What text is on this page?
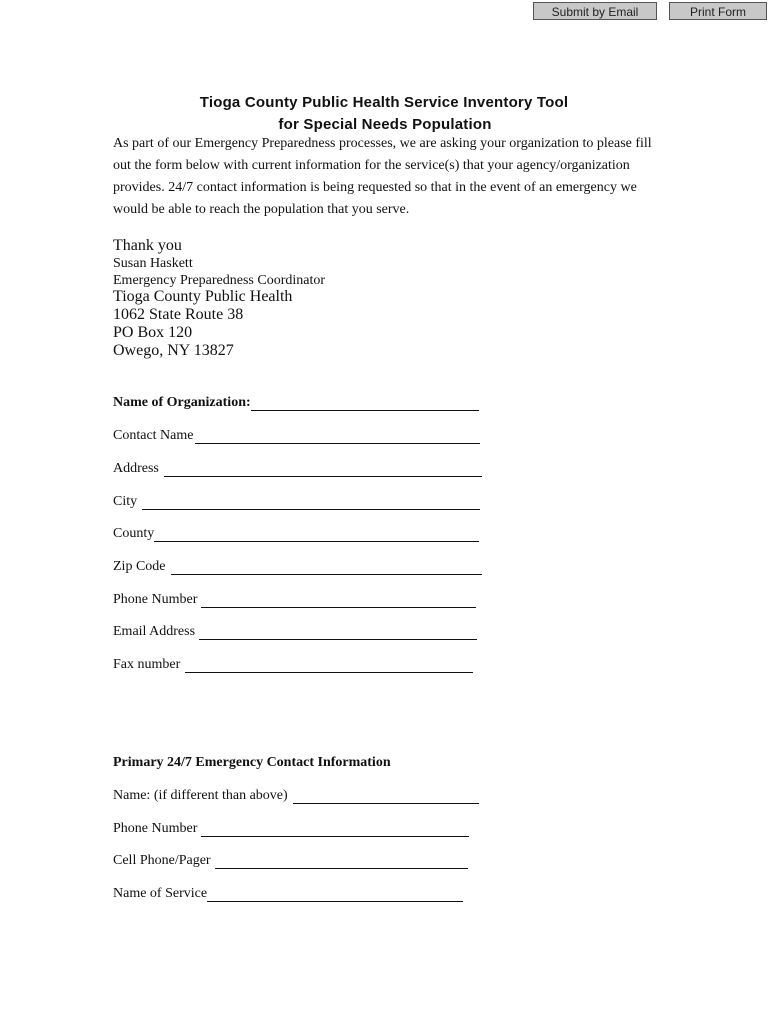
Submit by Email	Print Form
Tioga County Public Health Service Inventory Tool
for Special Needs Population
As part of our Emergency Preparedness processes, we are asking your organization to please fill
out the form below with current information for the service(s) that your agency/organization
provides. 24/7 contact information is being requested so that in the event of an emergency we
would be able to reach the population that you serve.
Thank you
Susan Haskett
Emergency Preparedness Coordinator
Tioga County Public Health
1062 State Route 38
PO Box 120
Owego, NY 13827
Name of Organization:
Contact Name
Address
City
County
Zip Code
Phone Number
Email Address
Fax number
Primary 24/7 Emergency Contact Information
Name: (if different than above)
Phone Number
Cell Phone/Pager
Name of Service
